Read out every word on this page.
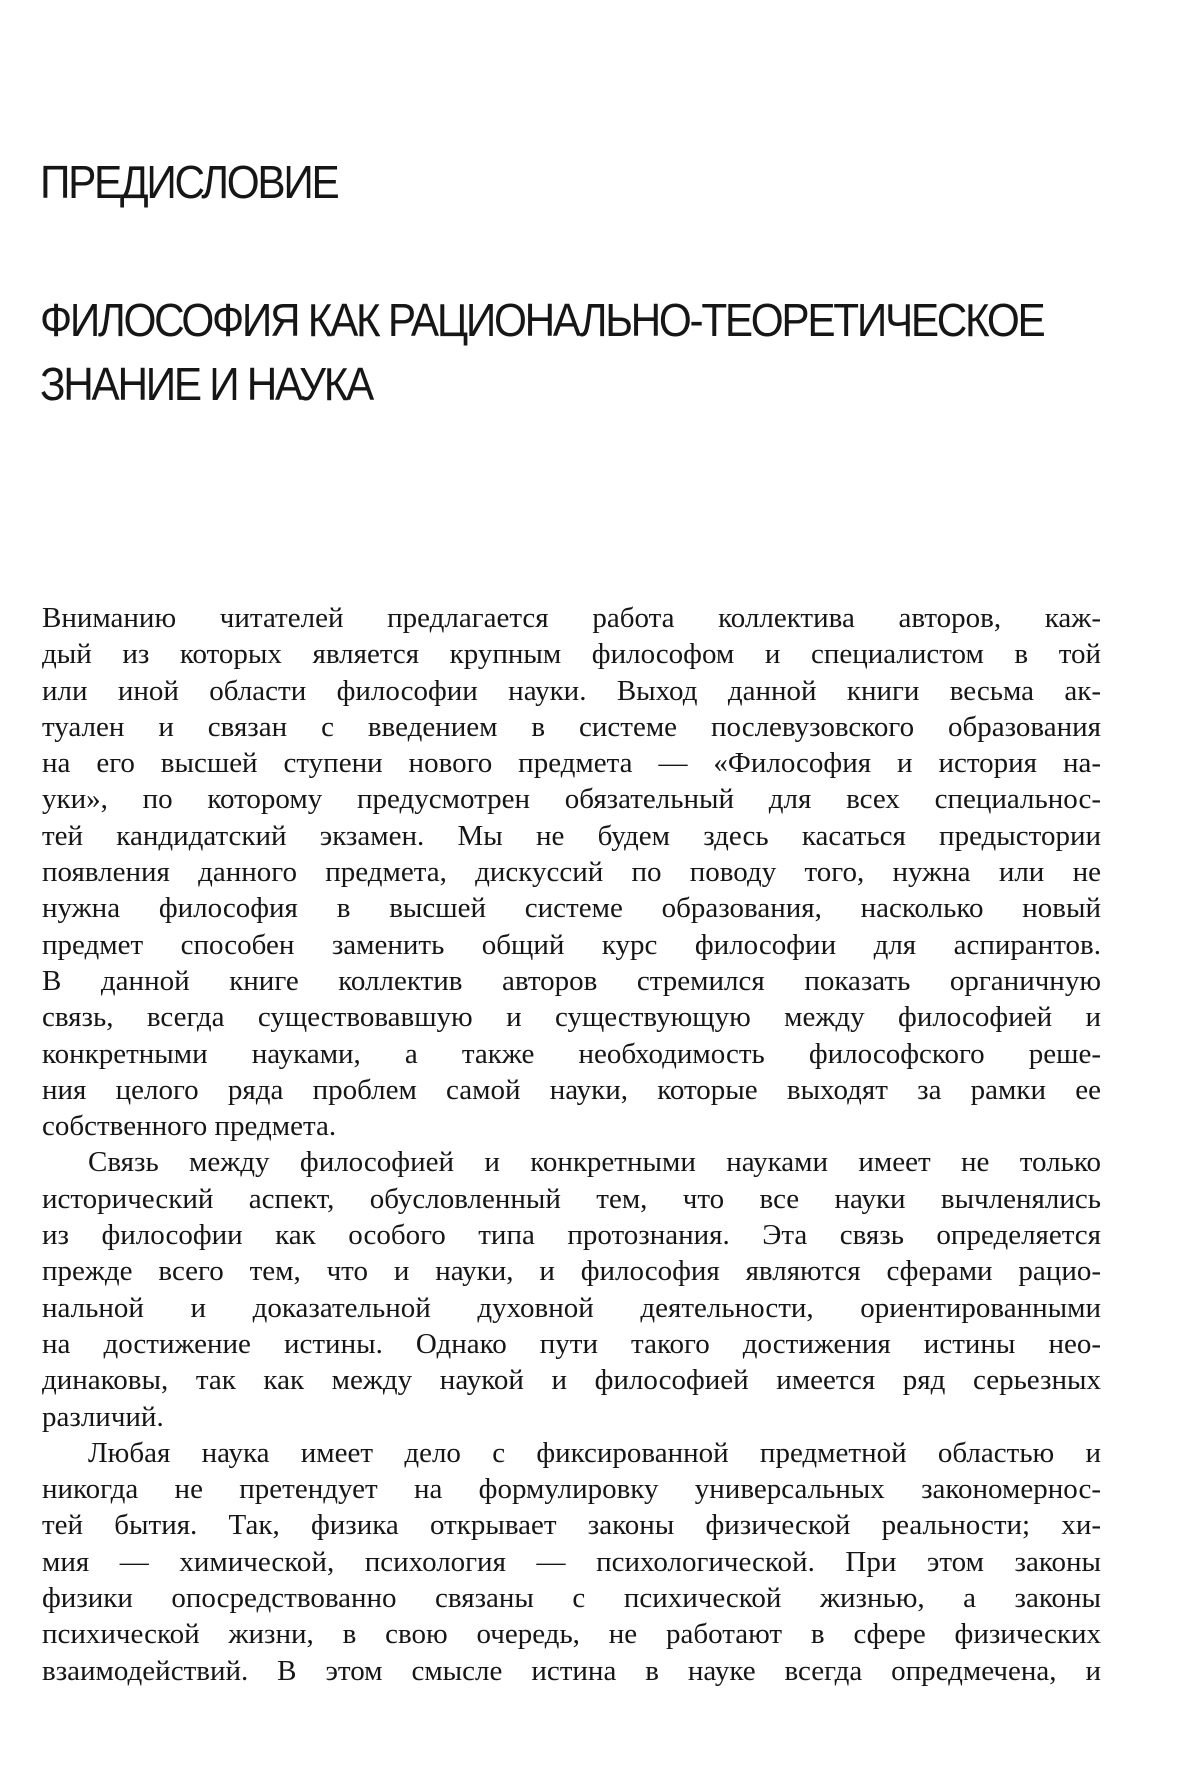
ПРЕДИСЛОВИЕ
ФИЛОСОФИЯ КАК РАЦИОНАЛЬНО-ТЕОРЕТИЧЕСКОЕ
ЗНАНИЕ И НАУКА
Вниманию читателей предлагается работа коллектива авторов, каж-
дый из которых является крупным философом и специалистом в той
или иной области философии науки. Выход данной книги весьма ак-
туален и связан с введением в системе послевузовского образования
на его высшей ступени нового предмета — «Философия и история на-
уки», по которому предусмотрен обязательный для всех специальнос-
тей кандидатский экзамен. Мы не будем здесь касаться предыстории
появления данного предмета, дискуссий по поводу того, нужна или не
нужна философия в высшей системе образования, насколько новый
предмет способен заменить общий курс философии для аспирантов.
В данной книге коллектив авторов стремился показать органичную
связь, всегда существовавшую и существующую между философией и
конкретными науками, а также необходимость философского реше-
ния целого ряда проблем самой науки, которые выходят за рамки ее
собственного предмета.
Связь между философией и конкретными науками имеет не только
исторический аспект, обусловленный тем, что все науки вычленялись
из философии как особого типа протознания. Эта связь определяется
прежде всего тем, что и науки, и философия являются сферами рацио-
нальной и доказательной духовной деятельности, ориентированными
на достижение истины. Однако пути такого достижения истины нео-
динаковы, так как между наукой и философией имеется ряд серьезных
различий.
Любая наука имеет дело с фиксированной предметной областью и
никогда не претендует на формулировку универсальных закономернос-
тей бытия. Так, физика открывает законы физической реальности; хи-
мия — химической, психология — психологической. При этом законы
физики опосредствованно связаны с психической жизнью, а законы
психической жизни, в свою очередь, не работают в сфере физических
взаимодействий. В этом смысле истина в науке всегда опредмечена, и
